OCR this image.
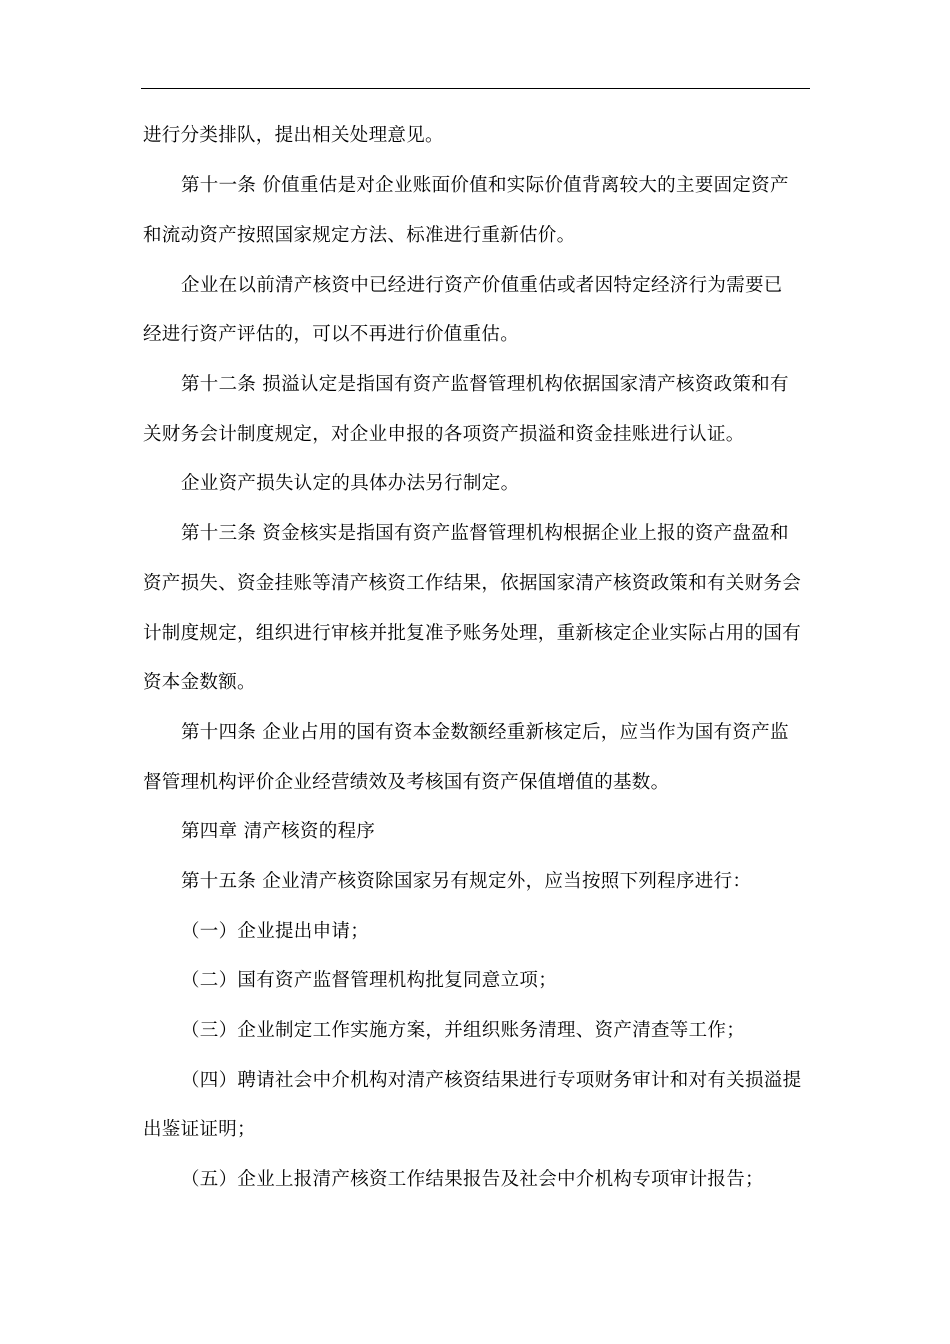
进行分类排队，提出相关处理意见。
第十一条 价值重估是对企业账面价值和实际价值背离较大的主要固定资产
和流动资产按照国家规定方法、标准进行重新估价。
企业在以前清产核资中已经进行资产价值重估或者因特定经济行为需要已
经进行资产评估的，可以不再进行价值重估。
第十二条 损溢认定是指国有资产监督管理机构依据国家清产核资政策和有
关财务会计制度规定，对企业申报的各项资产损溢和资金挂账进行认证。
企业资产损失认定的具体办法另行制定。
第十三条 资金核实是指国有资产监督管理机构根据企业上报的资产盘盈和
资产损失、资金挂账等清产核资工作结果，依据国家清产核资政策和有关财务会
计制度规定，组织进行审核并批复准予账务处理，重新核定企业实际占用的国有
资本金数额。
第十四条 企业占用的国有资本金数额经重新核定后，应当作为国有资产监
督管理机构评价企业经营绩效及考核国有资产保值增值的基数。
第四章 清产核资的程序
第十五条 企业清产核资除国家另有规定外，应当按照下列程序进行：
（一）企业提出申请；
（二）国有资产监督管理机构批复同意立项；
（三）企业制定工作实施方案，并组织账务清理、资产清查等工作；
（四）聘请社会中介机构对清产核资结果进行专项财务审计和对有关损溢提
出鉴证证明；
（五）企业上报清产核资工作结果报告及社会中介机构专项审计报告；
